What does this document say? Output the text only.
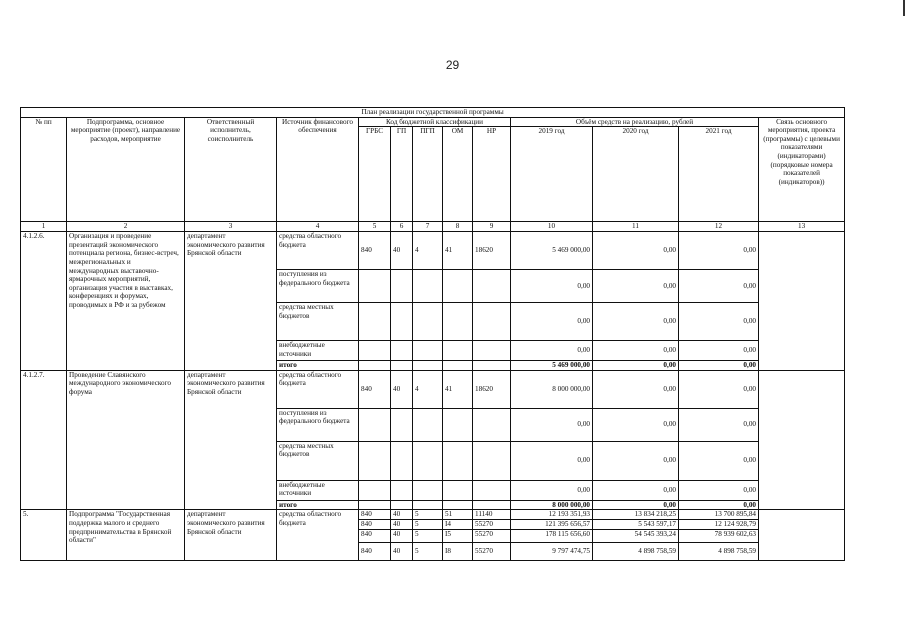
29
План реализации государственной программы												
№ пп	Подпрограмма, основное мероприятие (проект), направление расходов, мероприятие	Ответственный исполнитель, соисполнитель	Источник финансового обеспечения	Код бюджетной классификации					Объём средств на реализацию, рублей			Связь основного мероприятия, проекта (программы) с целевыми показателями (индикаторами) (порядковые номера показателей (индикаторов))
				ГРБС	ГП	ПГП	ОМ	НР	2019 год	2020 год	2021 год	
1	2	3	4	5	6	7	8	9	10	11	12	13
4.1.2.6.	Организация и проведение презентаций экономического потенциала региона, бизнес-встреч, межрегиональных и международных выставочно-ярмарочных мероприятий, организация участия в выставках, конференциях и форумах, проводимых в РФ и за рубежом	департамент экономического развития Брянской области	средства областного бюджета	840	40	4	41	18620	5 469 000,00	0,00	0,00	
			поступления из федерального бюджета						0,00	0,00	0,00	
			средства местных бюджетов						0,00	0,00	0,00	
			внебюджетные источники						0,00	0,00	0,00	
			итого						5 469 000,00	0,00	0,00	
4.1.2.7.	Проведение Славянского международного экономического форума	департамент экономического развития Брянской области	средства областного бюджета	840	40	4	41	18620	8 000 000,00	0,00	0,00	
			поступления из федерального бюджета						0,00	0,00	0,00	
			средства местных бюджетов						0,00	0,00	0,00	
			внебюджетные источники						0,00	0,00	0,00	
			итого						8 000 000,00	0,00	0,00	
5.	Подпрограмма "Государственная поддержка малого и среднего предпринимательства в Брянской области"	департамент экономического развития Брянской области	средства областного бюджета	840	40	5	51	11140	12 193 351,93	13 834 218,25	13 700 895,84	
				840	40	5	I4	55270	121 395 656,57	5 543 597,17	12 124 928,79	
				840	40	5	I5	55270	178 115 656,60	54 545 393,24	78 939 602,63	
				840	40	5	I8	55270	9 797 474,75	4 898 758,59	4 898 758,59	
